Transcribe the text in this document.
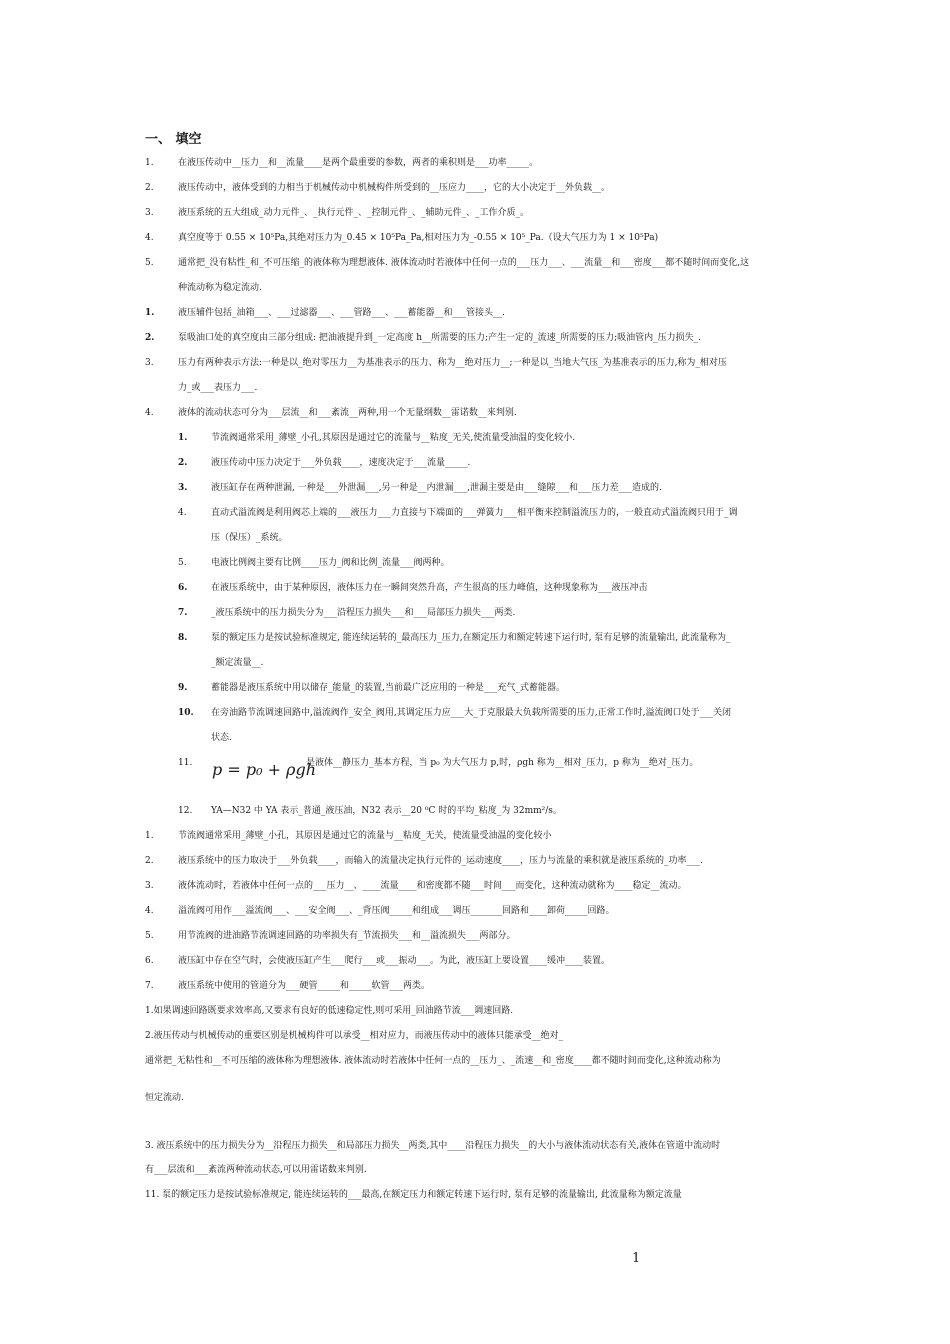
一、 填空
1.	在液压传动中__压力__和__流量____是两个最重要的参数，两者的乘积则是___功率_____。
2.	液压传动中，液体受到的力相当于机械传动中机械构件所受到的__压应力____，它的大小决定于__外负载__。
3.	液压系统的五大组成_动力元件_、_执行元件_、_控制元件_、_辅助元件_、_工作介质_。
4.	真空度等于 0.55 × 10⁵Pa,其绝对压力为_0.45 × 10⁵Pa_Pa,相对压力为_-0.55 × 10⁵_Pa.（设大气压力为 1 × 10⁵Pa)
5.	通常把_没有粘性_和_不可压缩_的液体称为理想液体. 液体流动时若液体中任何一点的___压力___、___流量__和___密度___都不随时间而变化,这
种流动称为稳定流动.
1.	液压辅件包括_油箱___、___过滤器___、___管路___、___蓄能器__和___管接头__.
2.	泵吸油口处的真空度由三部分组成: 把油液提升到_一定高度 h__所需要的压力;产生一定的_流速_所需要的压力;吸油管内_压力损失_.
3.	压力有两种表示方法:一种是以_绝对零压力__为基准表示的压力、称为__绝对压力__;一种是以_当地大气压_为基准表示的压力,称为_相对压
力_或___表压力___.
4.	液体的流动状态可分为___层流__和___紊流__两种,用一个无量纲数__雷诺数__来判别.
1.	节流阀通常采用_薄壁_小孔,其原因是通过它的流量与__粘度_无关,使流量受油温的变化较小.
2.	液压传动中压力决定于___外负载____，速度决定于___流量_____.
3.	液压缸存在两种泄漏, 一种是___外泄漏___,另一种是__内泄漏___,泄漏主要是由___缝隙___和___压力差___造成的.
4.	直动式溢流阀是利用阀芯上端的___液压力___力直接与下端面的___弹簧力___相平衡来控制溢流压力的，一般直动式溢流阀只用于_调
压（保压）_系统。
5.	电液比例阀主要有比例____压力_阀和比例_流量___阀两种。
6.	在液压系统中，由于某种原因，液体压力在一瞬间突然升高，产生很高的压力峰值，这种现象称为___液压冲击
7.	_液压系统中的压力损失分为___沿程压力损失___和___局部压力损失___两类.
8.	泵的额定压力是按试验标准规定, 能连续运转的_最高压力_压力,在额定压力和额定转速下运行时, 泵有足够的流量输出, 此流量称为_
_额定流量__.
9.	蓄能器是液压系统中用以储存_能量_的装置,当前最广泛应用的一种是___充气_式蓄能器。
10. 在旁油路节流调速回路中,溢流阀作_安全_阀用,其调定压力应___大_于克服最大负载所需要的压力,正常工作时,溢流阀口处于___关闭
状态.
11.	是液体__静压力_基本方程，当 p₀ 为大气压力 p,时，ρgh 称为__相对_压力，p 称为__绝对_压力。
12. YA—N32 中 YA 表示_普通_液压油，N32 表示__20 ⁰C 时的平均_粘度_为 32mm²/s。
1.	节流阀通常采用_薄壁_小孔，其原因是通过它的流量与__粘度_无关，使流量受油温的变化较小
2.	液压系统中的压力取决于___外负载____，而输入的流量决定执行元件的_运动速度____，压力与流量的乘积就是液压系统的_功率___.
3.	液体流动时，若液体中任何一点的___压力__、____流量____和密度都不随___时间___而变化，这种流动就称为____稳定__流动。
4.	溢流阀可用作___溢流阀___、___安全阀___、_背压阀_____和组成___调压_______回路和____卸荷_____回路。
5.	用节流阀的进油路节流调速回路的功率损失有_节流损失___和__溢流损失___两部分。
6.	液压缸中存在空气时，会使液压缸产生___爬行___或___振动___。为此，液压缸上要设置____缓冲____装置。
7.	液压系统中使用的管道分为___硬管_____和_____软管___两类。
p = p₀ + ρgh
1.如果调速回路既要求效率高,又要求有良好的低速稳定性,则可采用_回油路节流___调速回路.
2.液压传动与机械传动的重要区别是机械构件可以承受__相对应力，而液压传动中的液体只能承受__绝对_
通常把_无粘性和__不可压缩的液体称为理想液体. 液体流动时若液体中任何一点的__压力_、_流速__和_密度____都不随时间而变化,这种流动称为
恒定流动.
3. 液压系统中的压力损失分为__沿程压力损失__和局部压力损失__两类,其中____沿程压力损失__的大小与液体流动状态有关,液体在管道中流动时
有___层流和___紊流两种流动状态,可以用雷诺数来判别.
11. 泵的额定压力是按试验标准规定, 能连续运转的___最高,在额定压力和额定转速下运行时, 泵有足够的流量输出, 此流量称为额定流量
1
